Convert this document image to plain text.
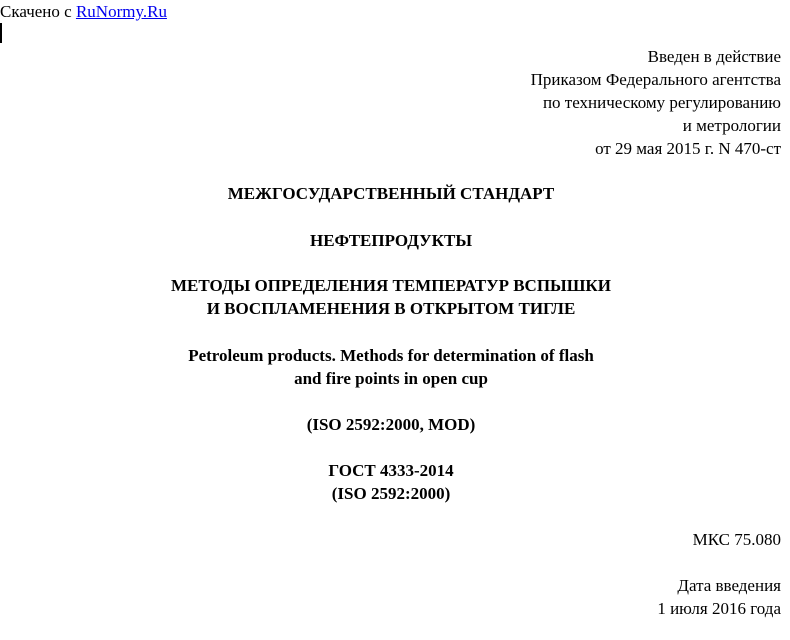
Скачено с RuNormy.Ru
Введен в действие
Приказом Федерального агентства
по техническому регулированию
и метрологии
от 29 мая 2015 г. N 470-ст
МЕЖГОСУДАРСТВЕННЫЙ СТАНДАРТ
НЕФТЕПРОДУКТЫ
МЕТОДЫ ОПРЕДЕЛЕНИЯ ТЕМПЕРАТУР ВСПЫШКИ
И ВОСПЛАМЕНЕНИЯ В ОТКРЫТОМ ТИГЛЕ
Petroleum products. Methods for determination of flash
and fire points in open cup
(ISO 2592:2000, MOD)
ГОСТ 4333-2014
(ISO 2592:2000)
МКС 75.080
Дата введения
1 июля 2016 года
